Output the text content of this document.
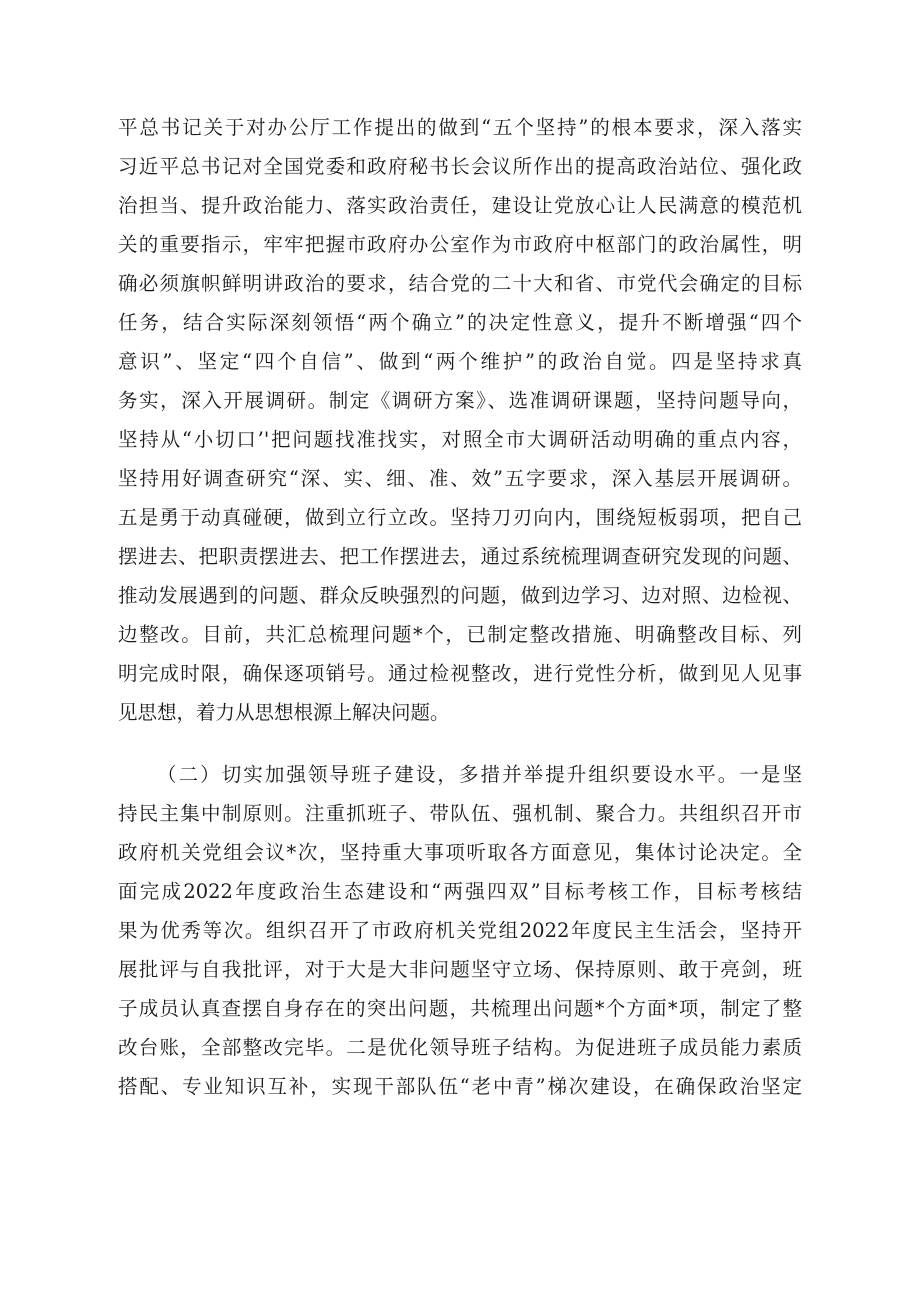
平总书记关于对办公厅工作提出的做到“五个坚持”的根本要求，深入落实

习近平总书记对全国党委和政府秘书长会议所作出的提高政治站位、强化政

治担当、提升政治能力、落实政治责任，建设让党放心让人民满意的模范机

关的重要指示，牢牢把握市政府办公室作为市政府中枢部门的政治属性，明

确必须旗帜鲜明讲政治的要求，结合党的二十大和省、市党代会确定的目标

任务，结合实际深刻领悟“两个确立”的决定性意义，提升不断增强“四个

意识”、坚定“四个自信”、做到“两个维护”的政治自觉。四是坚持求真

务实，深入开展调研。制定《调研方案》、选准调研课题，坚持问题导向，

坚持从“小切口’'把问题找准找实，对照全市大调研活动明确的重点内容，

坚持用好调查研究“深、实、细、准、效”五字要求，深入基层开展调研。

五是勇于动真碰硬，做到立行立改。坚持刀刃向内，围绕短板弱项，把自己

摆进去、把职责摆进去、把工作摆进去，通过系统梳理调查研究发现的问题、

推动发展遇到的问题、群众反映强烈的问题，做到边学习、边对照、边检视、

边整改。目前，共汇总梳理问题*个，已制定整改措施、明确整改目标、列

明完成时限，确保逐项销号。通过检视整改，进行党性分析，做到见人见事

见思想，着力从思想根源上解决问题。

（二）切实加强领导班子建设，多措并举提升组织要设水平。一是坚

持民主集中制原则。注重抓班子、带队伍、强机制、聚合力。共组织召开市

政府机关党组会议*次，坚持重大事项听取各方面意见，集体讨论决定。全

面完成2022年度政治生态建设和“两强四双”目标考核工作，目标考核结

果为优秀等次。组织召开了市政府机关党组2022年度民主生活会，坚持开

展批评与自我批评，对于大是大非问题坚守立场、保持原则、敢于亮剑，班

子成员认真查摆自身存在的突出问题，共梳理出问题*个方面*项，制定了整

改台账，全部整改完毕。二是优化领导班子结构。为促进班子成员能力素质

搭配、专业知识互补，实现干部队伍“老中青”梯次建设，在确保政治坚定
